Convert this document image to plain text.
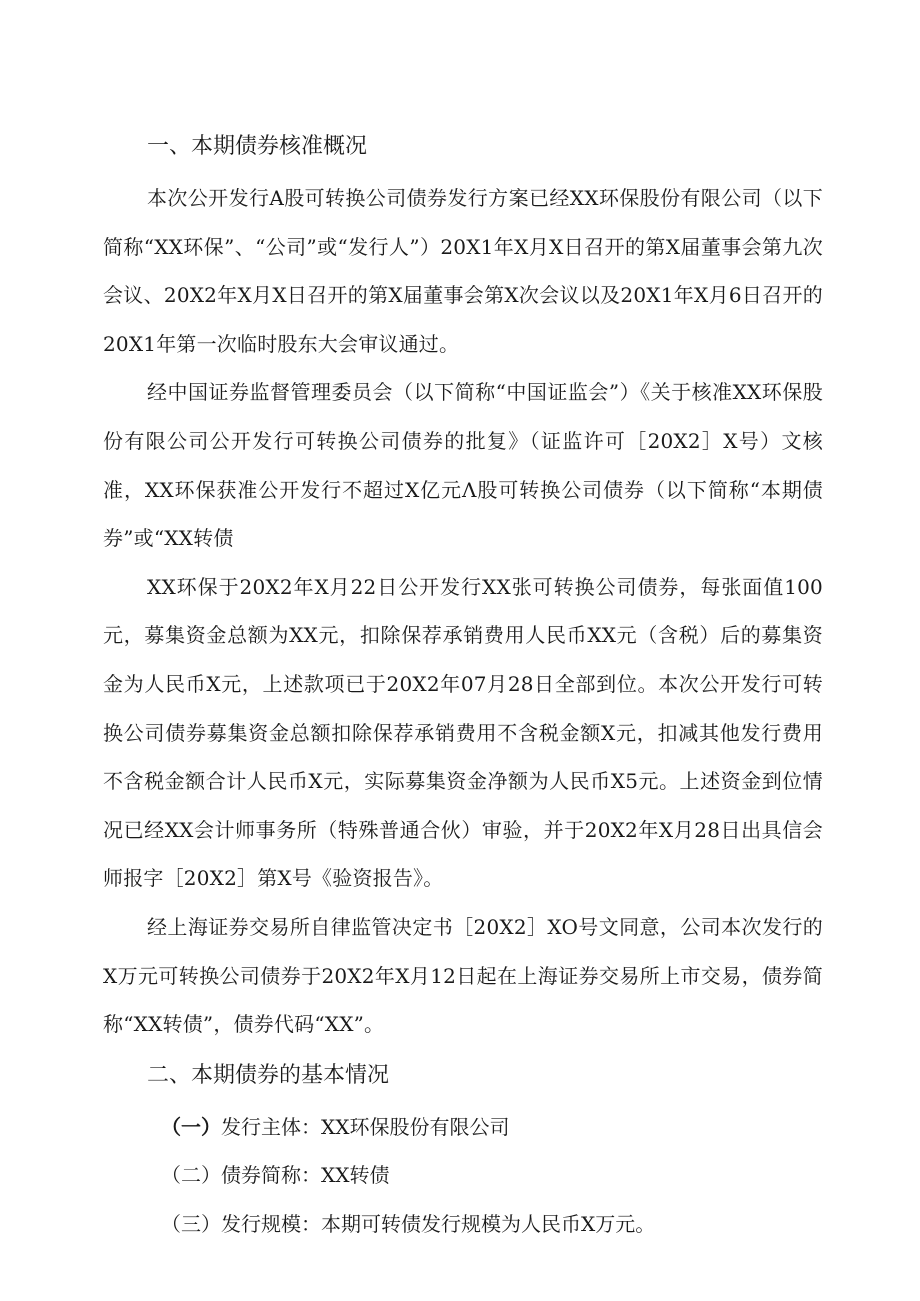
一、本期债券核准概况

本次公开发行A股可转换公司债券发行方案已经XX环保股份有限公司（以下简称“XX环保”、“公司”或“发行人”）20X1年X月X日召开的第X届董事会第九次会议、20X2年X月X日召开的第X届董事会第X次会议以及20X1年X月6日召开的20X1年第一次临时股东大会审议通过。

经中国证券监督管理委员会（以下简称“中国证监会”）《关于核准XX环保股份有限公司公开发行可转换公司债券的批复》（证监许可［20X2］X号）文核准，XX环保获准公开发行不超过X亿元Λ股可转换公司债券（以下简称“本期债券”或“XX转债

XX环保于20X2年X月22日公开发行XX张可转换公司债券，每张面值100元，募集资金总额为XX元，扣除保荐承销费用人民币XX元（含税）后的募集资金为人民币X元，上述款项已于20X2年07月28日全部到位。本次公开发行可转换公司债券募集资金总额扣除保荐承销费用不含税金额X元，扣减其他发行费用不含税金额合计人民币X元，实际募集资金净额为人民币X5元。上述资金到位情况已经XX会计师事务所（特殊普通合伙）审验，并于20X2年X月28日出具信会师报字［20X2］第X号《验资报告》。

经上海证券交易所自律监管决定书［20X2］XO号文同意，公司本次发行的X万元可转换公司债券于20X2年X月12日起在上海证券交易所上市交易，债券简称“XX转债”，债券代码“XX”。

二、本期债券的基本情况

（一）发行主体：XX环保股份有限公司

（二）债券简称：XX转债

（三）发行规模：本期可转债发行规模为人民币X万元。
